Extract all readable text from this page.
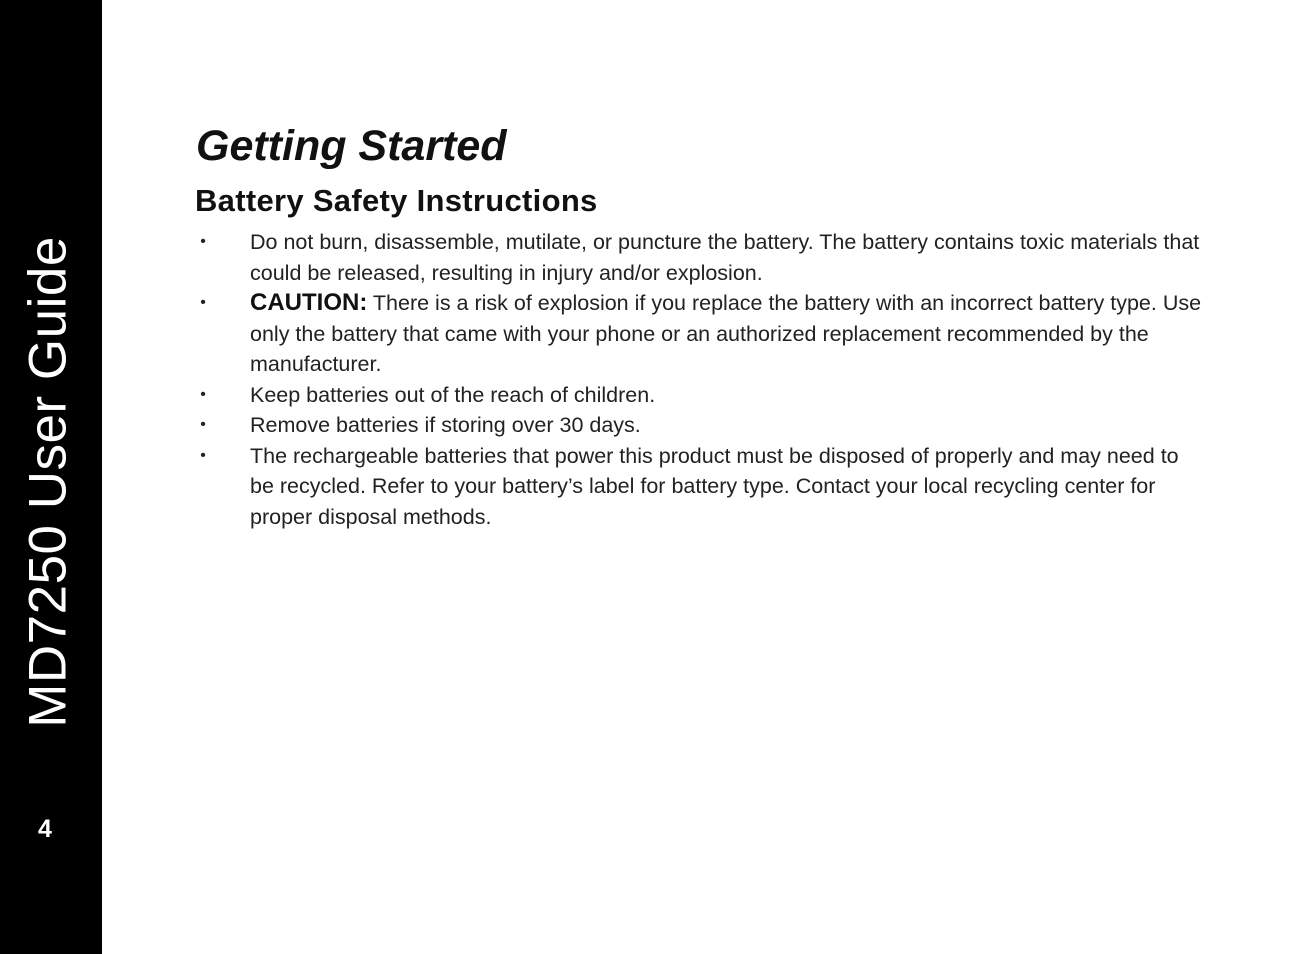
MD7250 User Guide
4
Getting Started
Battery Safety Instructions
• Do not burn, disassemble, mutilate, or puncture the battery. The battery contains toxic materials that could be released, resulting in injury and/or explosion.
• CAUTION: There is a risk of explosion if you replace the battery with an incorrect battery type. Use only the battery that came with your phone or an authorized replacement recommended by the manufacturer.
• Keep batteries out of the reach of children.
• Remove batteries if storing over 30 days.
• The rechargeable batteries that power this product must be disposed of properly and may need to be recycled. Refer to your battery’s label for battery type. Contact your local recycling center for proper disposal methods.
